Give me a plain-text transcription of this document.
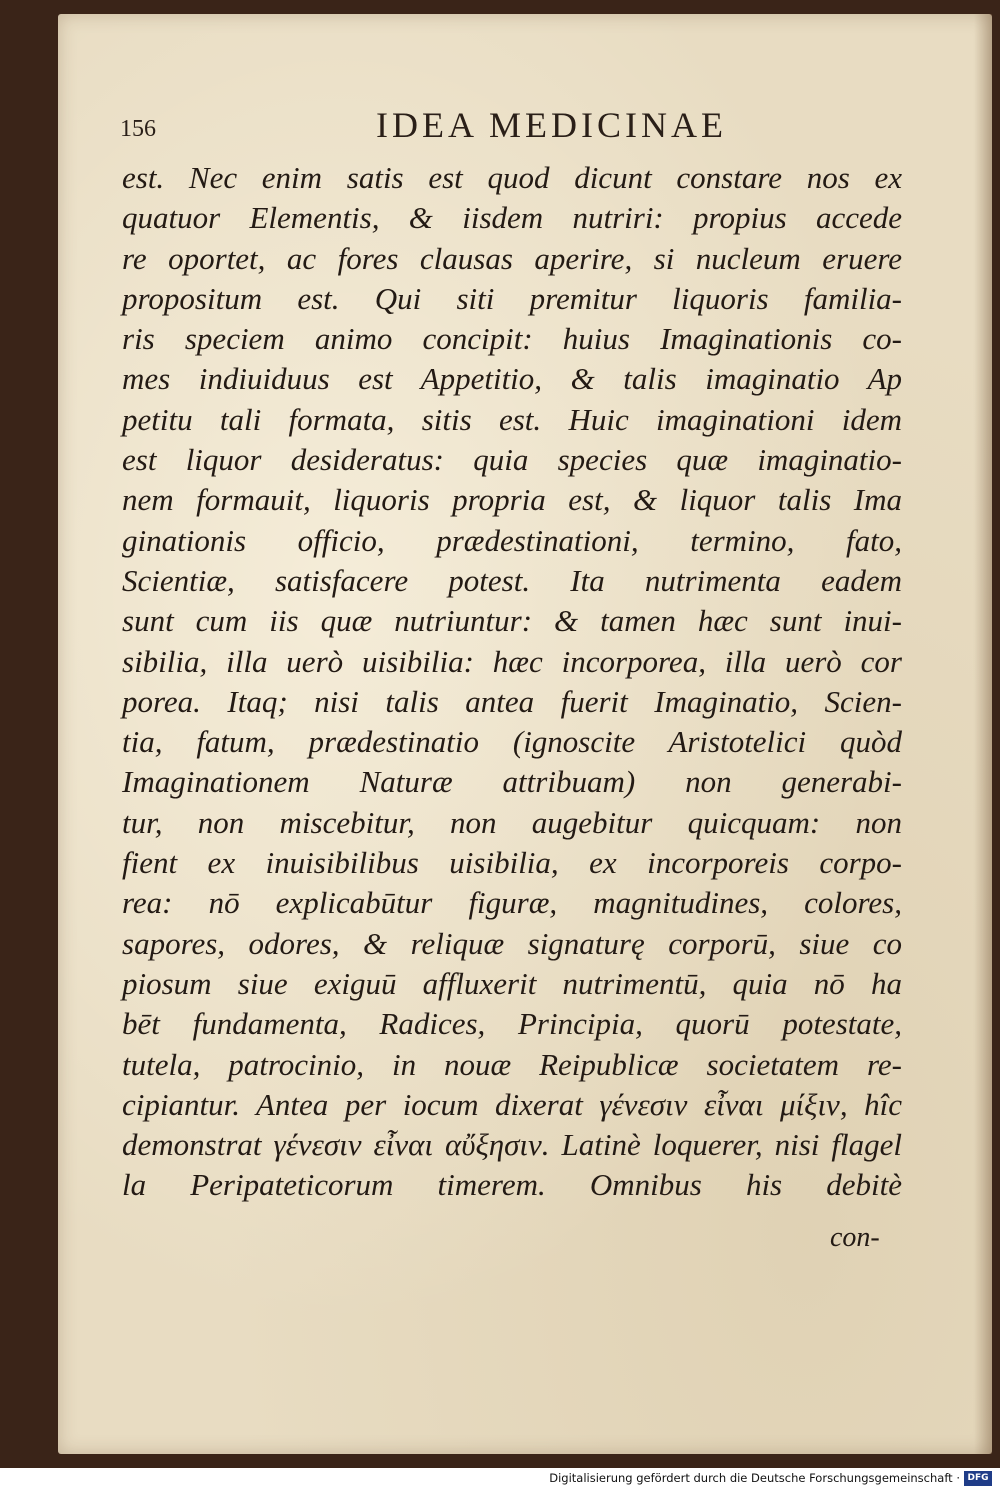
156	IDEA MEDICINAE
est. Nec enim satis est quod dicunt constare nos ex
quatuor Elementis, & iisdem nutriri: propius accede
re oportet, ac fores clausas aperire, si nucleum eruere
propositum est. Qui siti premitur liquoris familia-
ris speciem animo concipit: huius Imaginationis co-
mes indiuiduus est Appetitio, & talis imaginatio Ap
petitu tali formata, sitis est. Huic imaginationi idem
est liquor desideratus: quia species quæ imaginatio-
nem formauit, liquoris propria est, & liquor talis Ima
ginationis officio, prædestinationi, termino, fato,
Scientiæ, satisfacere potest. Ita nutrimenta eadem
sunt cum iis quæ nutriuntur: & tamen hæc sunt inui-
sibilia, illa uerò uisibilia: hæc incorporea, illa uerò cor
porea. Itaq; nisi talis antea fuerit Imaginatio, Scien-
tia, fatum, prædestinatio (ignoscite Aristotelici quòd
Imaginationem Naturæ attribuam) non generabi-
tur, non miscebitur, non augebitur quicquam: non
fient ex inuisibilibus uisibilia, ex incorporeis corpo-
rea: nō explicabūtur figuræ, magnitudines, colores,
sapores, odores, & reliquæ signaturę corporū, siue co
piosum siue exiguū affluxerit nutrimentū, quia nō ha
bēt fundamenta, Radices, Principia, quorū potestate,
tutela, patrocinio, in nouæ Reipublicæ societatem re-
cipiantur. Antea per iocum dixerat γένεσιν εἶναι μίξιν, hîc
demonstrat γένεσιν εἶναι αὔξησιν. Latinè loquerer, nisi flagel
la Peripateticorum timerem. Omnibus his debitè
con-
Digitalisierung gefördert durch die Deutsche Forschungsgemeinschaft · DFG
